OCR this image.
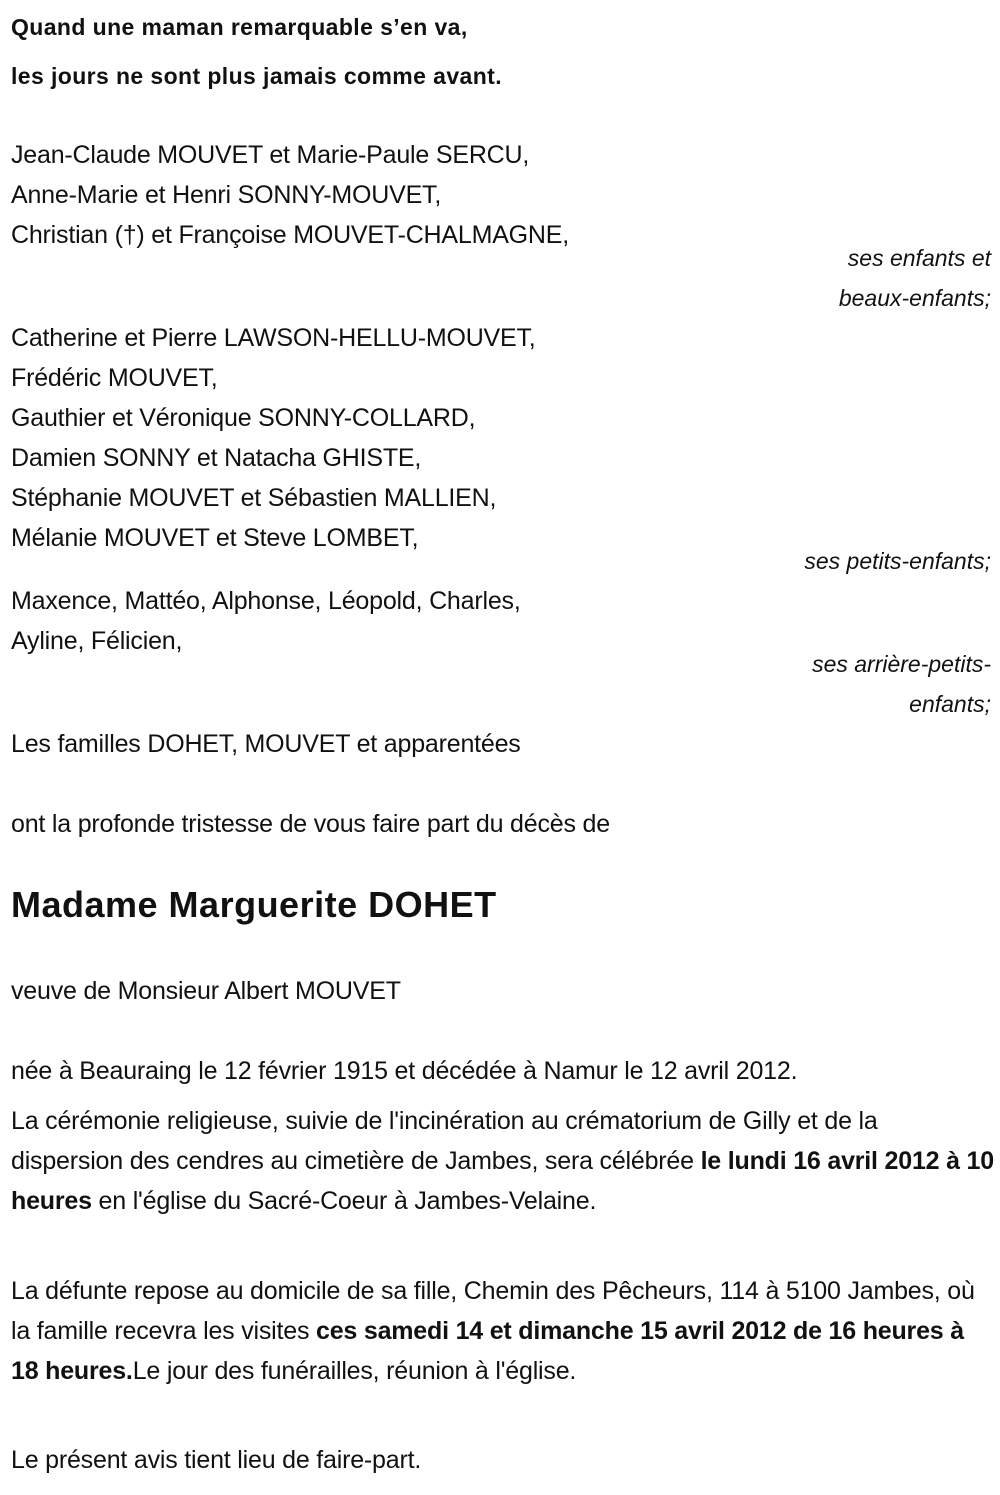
Quand une maman remarquable s’en va,
les jours ne sont plus jamais comme avant.
Jean-Claude MOUVET et Marie-Paule SERCU,
Anne-Marie et Henri SONNY-MOUVET,
Christian (†) et Françoise MOUVET-CHALMAGNE,
ses enfants et
beaux-enfants;
Catherine et Pierre LAWSON-HELLU-MOUVET,
Frédéric MOUVET,
Gauthier et Véronique SONNY-COLLARD,
Damien SONNY et Natacha GHISTE,
Stéphanie MOUVET et Sébastien MALLIEN,
Mélanie MOUVET et Steve LOMBET,
ses petits-enfants;
Maxence, Mattéo, Alphonse, Léopold, Charles,
Ayline, Félicien,
ses arrière-petits-
enfants;
Les familles DOHET, MOUVET et apparentées
ont la profonde tristesse de vous faire part du décès de
Madame Marguerite DOHET
veuve de Monsieur Albert MOUVET
née à Beauraing le 12 février 1915 et décédée à Namur le 12 avril 2012.
La cérémonie religieuse, suivie de l'incinération au crématorium de Gilly et de la dispersion des cendres au cimetière de Jambes, sera célébrée le lundi 16 avril 2012 à 10 heures en l'église du Sacré-Coeur à Jambes-Velaine.
La défunte repose au domicile de sa fille, Chemin des Pêcheurs, 114 à 5100 Jambes, où la famille recevra les visites ces samedi 14 et dimanche 15 avril 2012 de 16 heures à 18 heures.Le jour des funérailles, réunion à l'église.
Le présent avis tient lieu de faire-part.
